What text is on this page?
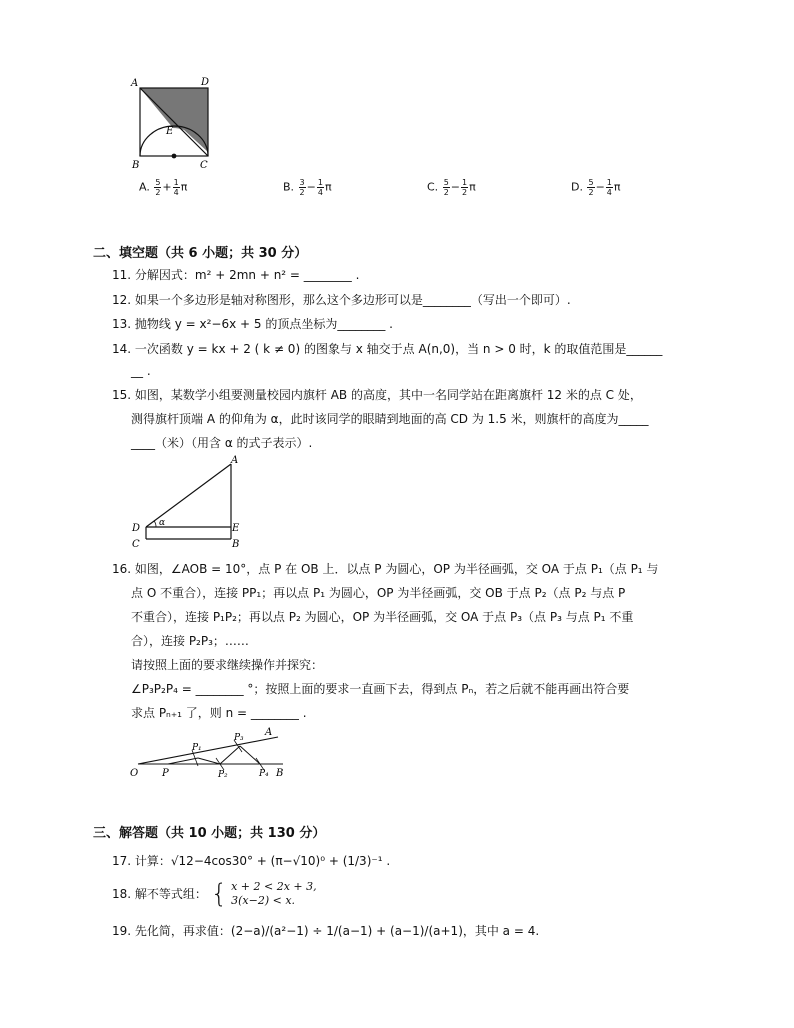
A	D
E
B	C
A. $\frac{5}{2} + \frac{1}{4}$ π	B. $\frac{3}{2} - \frac{1}{4}$ π	C. $\frac{5}{2} - \frac{1}{2}$ π	D. $\frac{5}{2} - \frac{1}{4}$ π
二、填空题（共 6 小题；共 30 分）
11. 分解因式：m² + 2mn + n² = ________ .
12. 如果一个多边形是轴对称图形，那么这个多边形可以是________（写出一个即可）.
13. 抛物线 y = x²−6x + 5 的顶点坐标为________ .
14. 一次函数 y = kx + 2 ( k ≠ 0) 的图象与 x 轴交于点 A(n,0)，当 n > 0 时，k 的取值范围是______
__ .
15. 如图，某数学小组要测量校园内旗杆 AB 的高度，其中一名同学站在距离旗杆 12 米的点 C 处，
测得旗杆顶端 A 的仰角为 α，此时该同学的眼睛到地面的高 CD 为 1.5 米，则旗杆的高度为_____
____（米）（用含 α 的式子表示）.
α
A
D	E
C	B
16. 如图，∠AOB = 10°，点 P 在 OB 上．以点 P 为圆心，OP 为半径画弧，交 OA 于点 P₁（点 P₁ 与
点 O 不重合），连接 PP₁；再以点 P₁ 为圆心，OP 为半径画弧，交 OB 于点 P₂（点 P₂ 与点 P
不重合），连接 P₁P₂；再以点 P₂ 为圆心，OP 为半径画弧，交 OA 于点 P₃（点 P₃ 与点 P₁ 不重
合），连接 P₂P₃；……
请按照上面的要求继续操作并探究：
∠P₃P₂P₄ = ________ °；按照上面的要求一直画下去，得到点 Pₙ，若之后就不能再画出符合要
求点 Pₙ₊₁ 了，则 n = ________ .
P₁
P₃ A
O P	P₂	P₄ B
三、解答题（共 10 小题；共 130 分）
17. 计算：√12−4cos30° + (π−√10)⁰ + (1/3)⁻¹ .
18. 解不等式组： { x + 2 < 2x + 3,
3(x−2) < x.
19. 先化简，再求值：(2−a)/(a²−1) ÷ 1/(a−1) + (a−1)/(a+1)，其中 a = 4.
